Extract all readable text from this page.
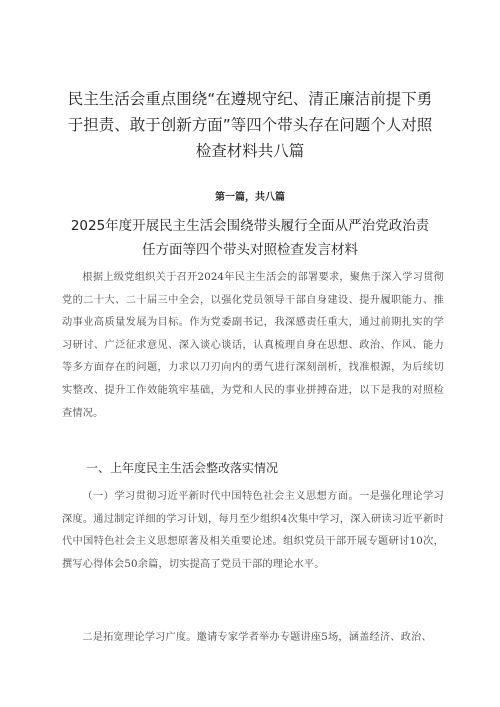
民主生活会重点围绕“在遵规守纪、清正廉洁前提下勇于担责、敢于创新方面”等四个带头存在问题个人对照检查材料共八篇
第一篇，共八篇
2025年度开展民主生活会围绕带头履行全面从严治党政治责任方面等四个带头对照检查发言材料

根据上级党组织关于召开2024年民主生活会的部署要求，聚焦于深入学习贯彻党的二十大、二十届三中全会，以强化党员领导干部自身建设、提升履职能力、推动事业高质量发展为目标。作为党委副书记，我深感责任重大，通过前期扎实的学习研讨、广泛征求意见、深入谈心谈话，认真梳理自身在思想、政治、作风、能力等多方面存在的问题，力求以刀刃向内的勇气进行深刻剖析，找准根源，为后续切实整改、提升工作效能筑牢基础，为党和人民的事业拼搏奋进，以下是我的对照检查情况。

一、上年度民主生活会整改落实情况

（一）学习贯彻习近平新时代中国特色社会主义思想方面。一是强化理论学习深度。通过制定详细的学习计划，每月至少组织4次集中学习，深入研读习近平新时代中国特色社会主义思想原著及相关重要论述。组织党员干部开展专题研讨10次，撰写心得体会50余篇，切实提高了党员干部的理论水平。

二是拓宽理论学习广度。邀请专家学者举办专题讲座5场，涵盖经济、政治、
